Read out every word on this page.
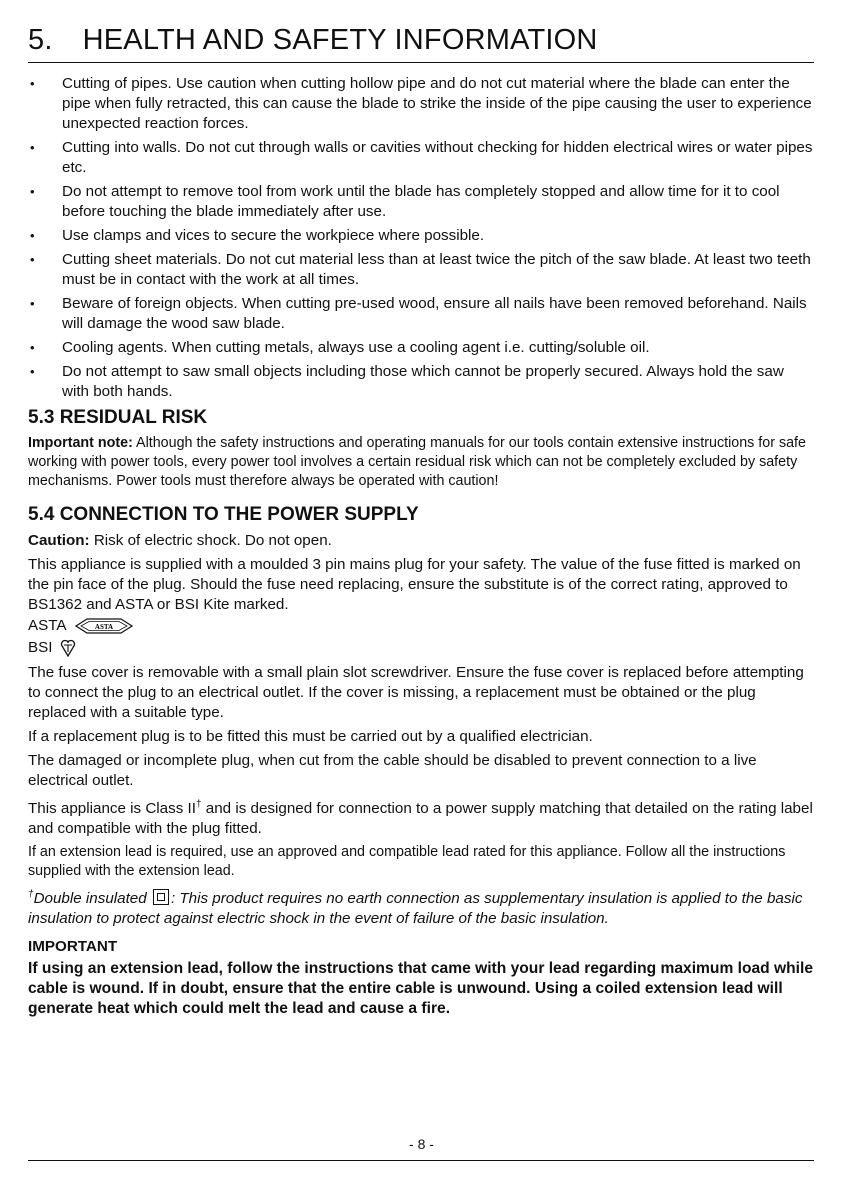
5. HEALTH AND SAFETY INFORMATION
• Cutting of pipes. Use caution when cutting hollow pipe and do not cut material where the blade can enter the pipe when fully retracted, this can cause the blade to strike the inside of the pipe causing the user to experience unexpected reaction forces.
• Cutting into walls. Do not cut through walls or cavities without checking for hidden electrical wires or water pipes etc.
• Do not attempt to remove tool from work until the blade has completely stopped and allow time for it to cool before touching the blade immediately after use.
• Use clamps and vices to secure the workpiece where possible.
• Cutting sheet materials. Do not cut material less than at least twice the pitch of the saw blade. At least two teeth must be in contact with the work at all times.
• Beware of foreign objects. When cutting pre-used wood, ensure all nails have been removed beforehand. Nails will damage the wood saw blade.
• Cooling agents. When cutting metals, always use a cooling agent i.e. cutting/soluble oil.
• Do not attempt to saw small objects including those which cannot be properly secured. Always hold the saw with both hands.
5.3 RESIDUAL RISK

Important note: Although the safety instructions and operating manuals for our tools contain extensive instructions for safe working with power tools, every power tool involves a certain residual risk which can not be completely excluded by safety mechanisms. Power tools must therefore always be operated with caution!

5.4 CONNECTION TO THE POWER SUPPLY

Caution: Risk of electric shock. Do not open.

This appliance is supplied with a moulded 3 pin mains plug for your safety. The value of the fuse fitted is marked on the pin face of the plug. Should the fuse need replacing, ensure the substitute is of the correct rating, approved to BS1362 and ASTA or BSI Kite marked.

ASTA	ASTA
BSI

The fuse cover is removable with a small plain slot screwdriver. Ensure the fuse cover is replaced before attempting to connect the plug to an electrical outlet. If the cover is missing, a replacement must be obtained or the plug replaced with a suitable type.

If a replacement plug is to be fitted this must be carried out by a qualified electrician.

The damaged or incomplete plug, when cut from the cable should be disabled to prevent connection to a live electrical outlet.

This appliance is Class II† and is designed for connection to a power supply matching that detailed on the rating label and compatible with the plug fitted.

If an extension lead is required, use an approved and compatible lead rated for this appliance. Follow all the instructions supplied with the extension lead.

†Double insulated : This product requires no earth connection as supplementary insulation is applied to the basic insulation to protect against electric shock in the event of failure of the basic insulation.

IMPORTANT

If using an extension lead, follow the instructions that came with your lead regarding maximum load while cable is wound. If in doubt, ensure that the entire cable is unwound. Using a coiled extension lead will generate heat which could melt the lead and cause a fire.

- 8 -
